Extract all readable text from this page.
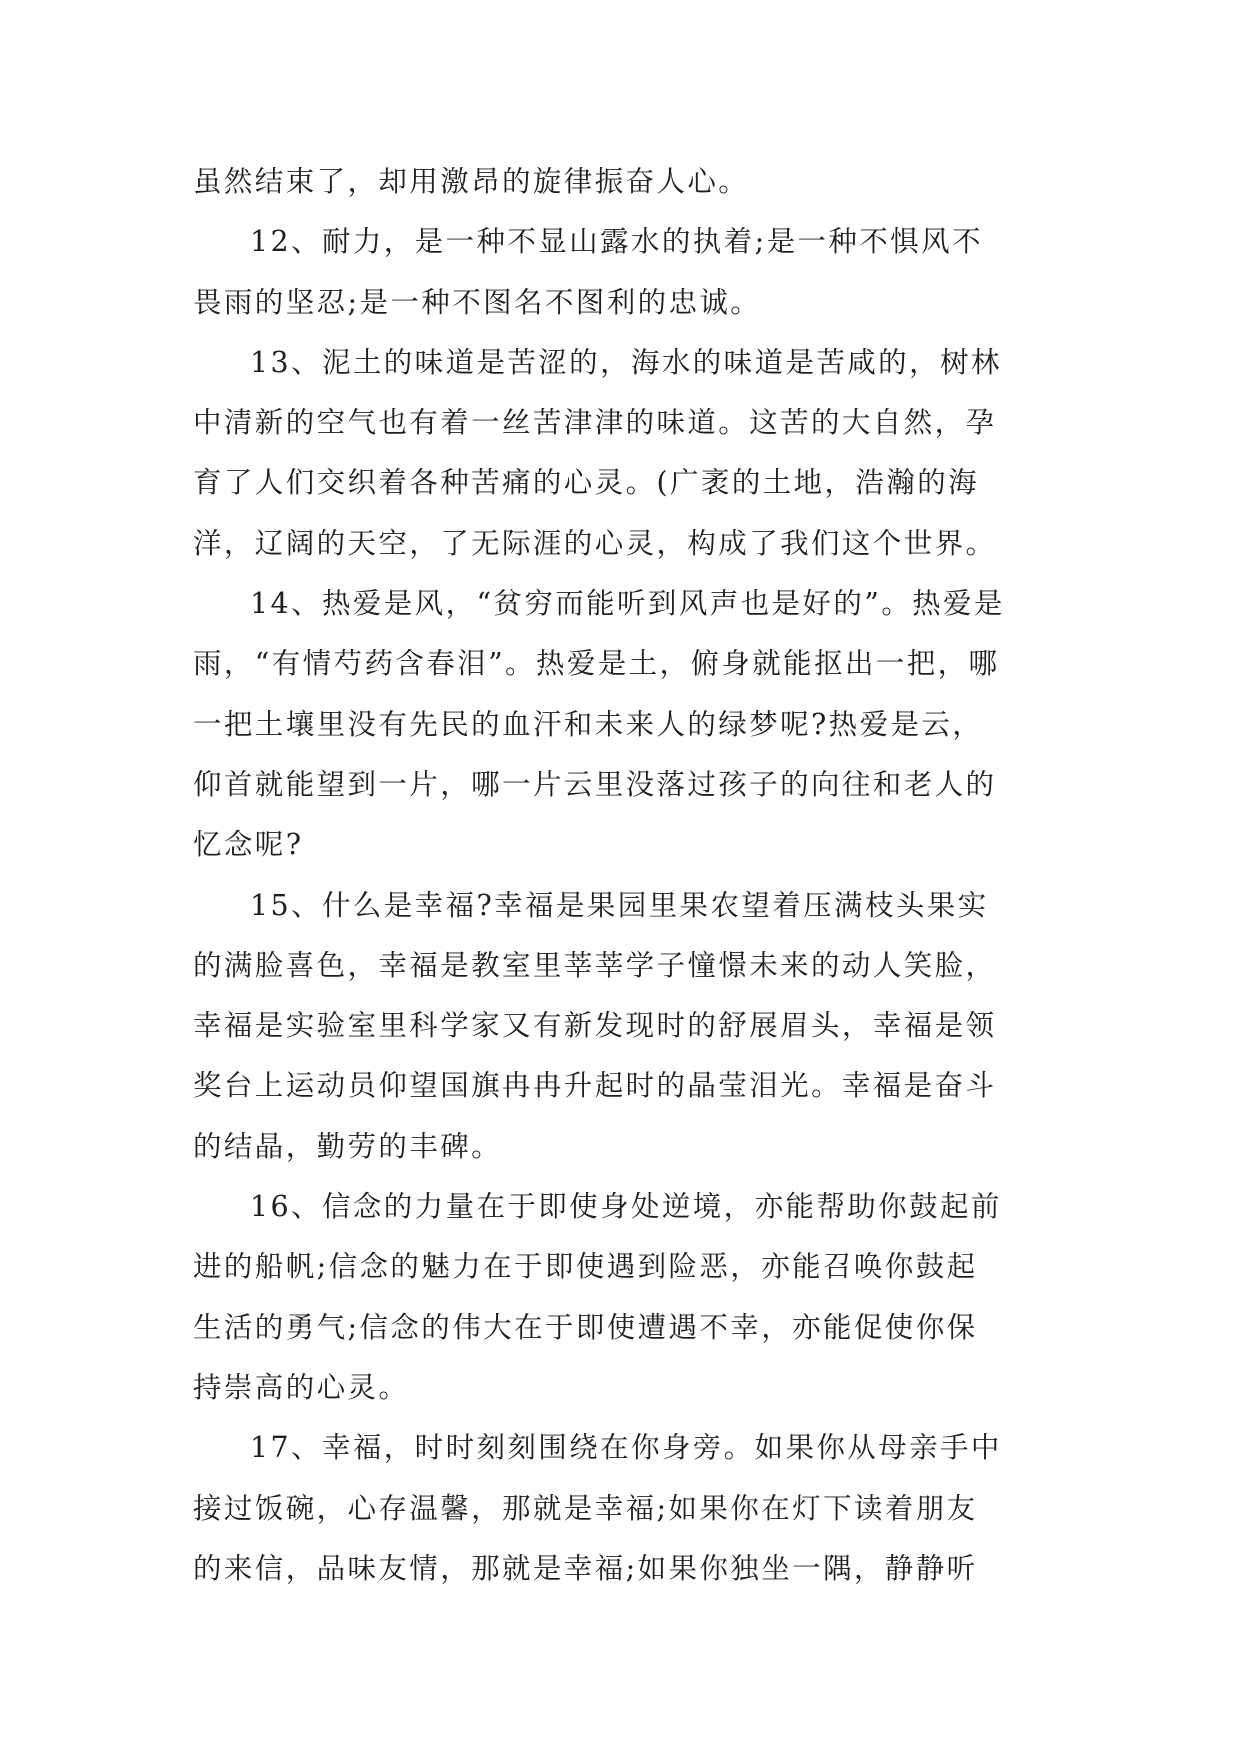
虽然结束了，却用激昂的旋律振奋人心。

12、耐力，是一种不显山露水的执着;是一种不惧风不
畏雨的坚忍;是一种不图名不图利的忠诚。

13、泥土的味道是苦涩的，海水的味道是苦咸的，树林
中清新的空气也有着一丝苦津津的味道。这苦的大自然，孕
育了人们交织着各种苦痛的心灵。(广袤的土地，浩瀚的海
洋，辽阔的天空，了无际涯的心灵，构成了我们这个世界。

14、热爱是风，“贫穷而能听到风声也是好的”。热爱是
雨，“有情芍药含春泪”。热爱是土，俯身就能抠出一把，哪
一把土壤里没有先民的血汗和未来人的绿梦呢?热爱是云，
仰首就能望到一片，哪一片云里没落过孩子的向往和老人的
忆念呢?

15、什么是幸福?幸福是果园里果农望着压满枝头果实
的满脸喜色，幸福是教室里莘莘学子憧憬未来的动人笑脸，
幸福是实验室里科学家又有新发现时的舒展眉头，幸福是领
奖台上运动员仰望国旗冉冉升起时的晶莹泪光。幸福是奋斗
的结晶，勤劳的丰碑。

16、信念的力量在于即使身处逆境，亦能帮助你鼓起前
进的船帆;信念的魅力在于即使遇到险恶，亦能召唤你鼓起
生活的勇气;信念的伟大在于即使遭遇不幸，亦能促使你保
持崇高的心灵。

17、幸福，时时刻刻围绕在你身旁。如果你从母亲手中
接过饭碗，心存温馨，那就是幸福;如果你在灯下读着朋友
的来信，品味友情，那就是幸福;如果你独坐一隅，静静听
